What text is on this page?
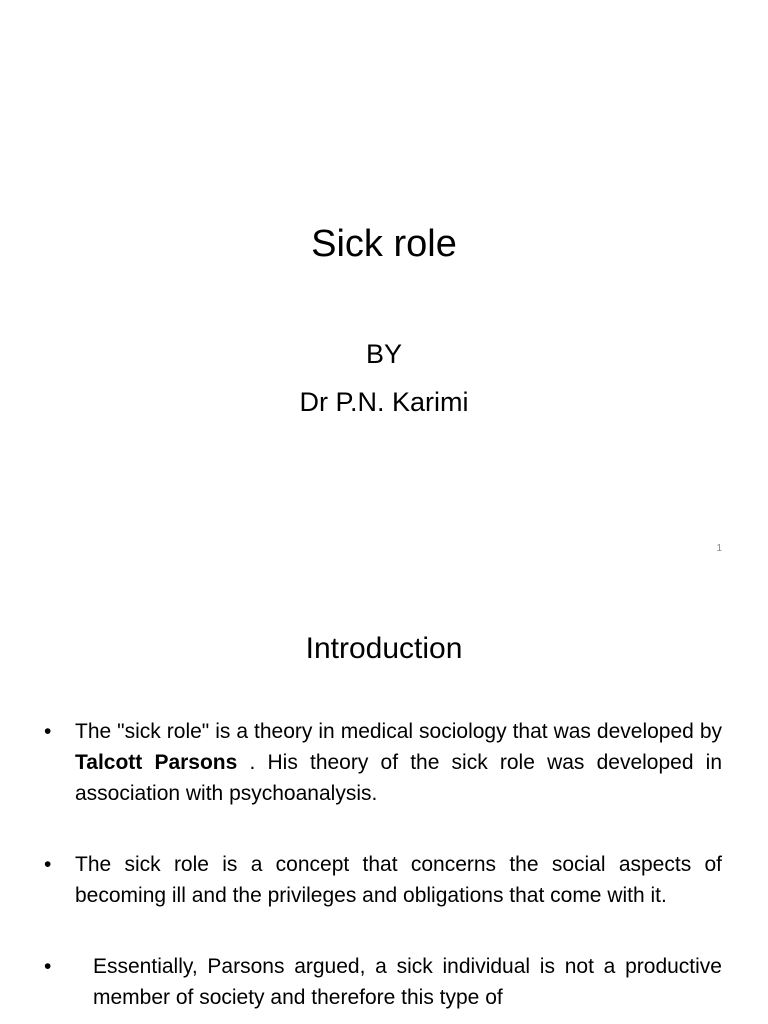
Sick role
BY
Dr P.N. Karimi
1
Introduction
•	The "sick role" is a theory in medical sociology that was developed by Talcott Parsons . His theory of the sick role was developed in association with psychoanalysis.
•	The sick role is a concept that concerns the social aspects of becoming ill and the privileges and obligations that come with it.
•	Essentially, Parsons argued, a sick individual is not a productive member of society and therefore this type of
